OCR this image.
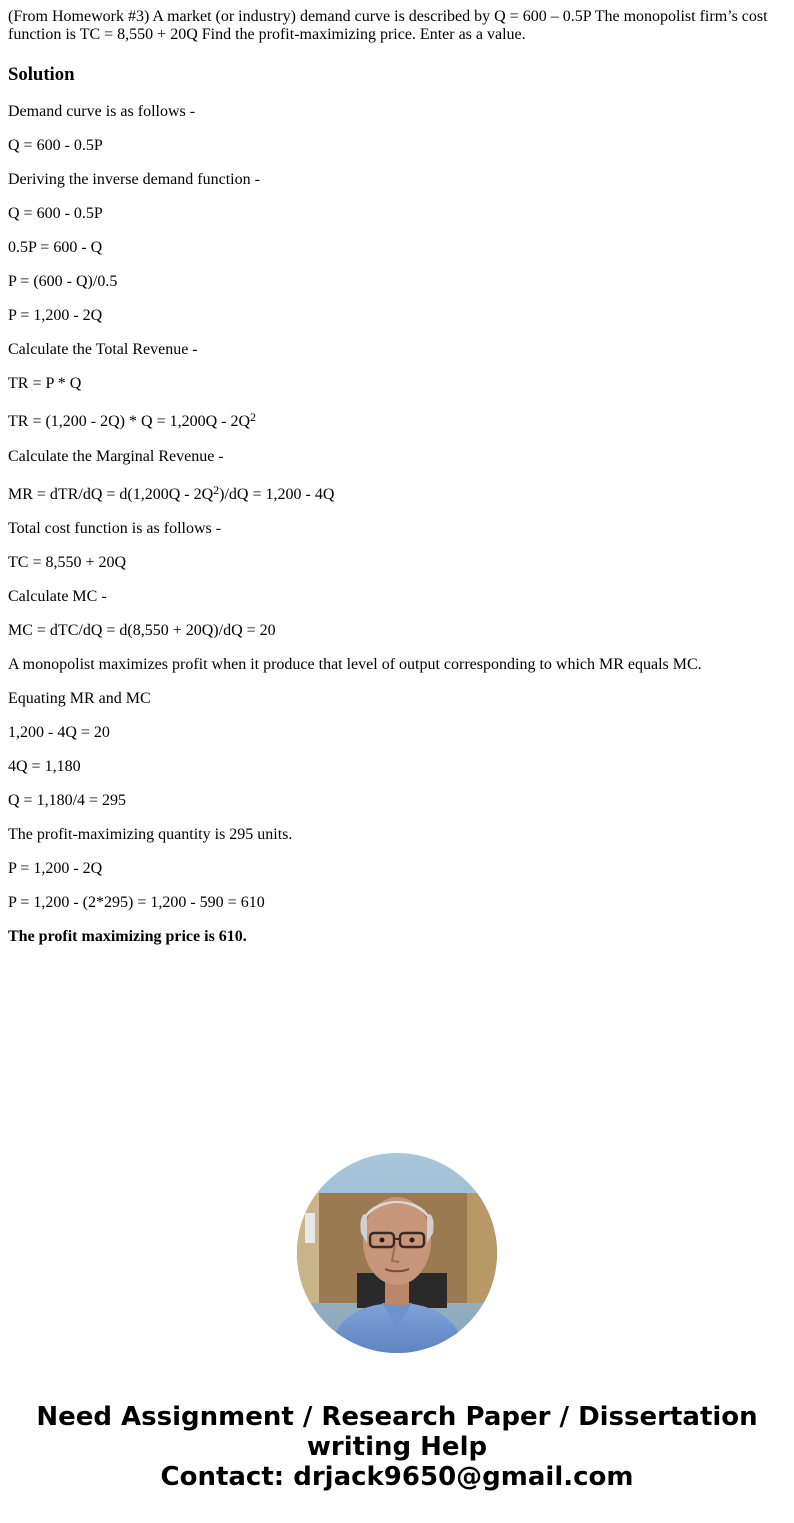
(From Homework #3) A market (or industry) demand curve is described by Q = 600 – 0.5P The monopolist firm’s cost function is TC = 8,550 + 20Q Find the profit-maximizing price. Enter as a value.

Solution

Demand curve is as follows -

Q = 600 - 0.5P

Deriving the inverse demand function -

Q = 600 - 0.5P

0.5P = 600 - Q

P = (600 - Q)/0.5

P = 1,200 - 2Q

Calculate the Total Revenue -

TR = P * Q

TR = $(1,200 - 2Q) * Q = 1,200Q - 2Q^2$

Calculate the Marginal Revenue -

MR = $dTR/dQ = d(1,200Q - 2Q^2)/dQ = 1,200 - 4Q$

Total cost function is as follows -

TC = 8,550 + 20Q

Calculate MC -

MC = dTC/dQ = d(8,550 + 20Q)/dQ = 20

A monopolist maximizes profit when it produce that level of output corresponding to which MR equals MC.

Equating MR and MC

1,200 - 4Q = 20

4Q = 1,180

Q = 1,180/4 = 295

The profit-maximizing quantity is 295 units.

P = 1,200 - 2Q

P = 1,200 - (2*295) = 1,200 - 590 = 610

The profit maximizing price is 610.

Need Assignment / Research Paper / Dissertation
writing Help
Contact: drjack9650@gmail.com
